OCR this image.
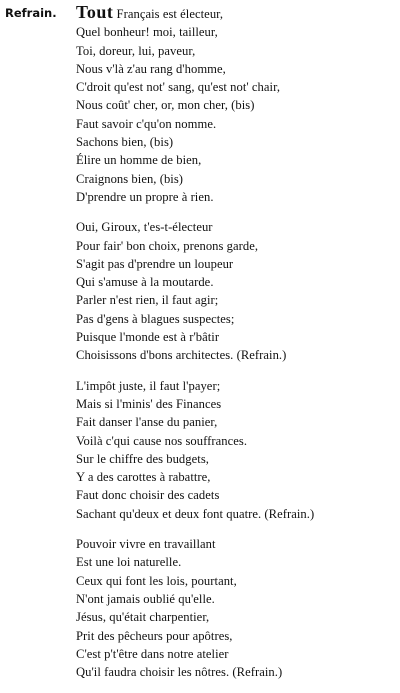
Refrain. Tout Français est électeur,
Quel bonheur! moi, tailleur,
Toi, doreur, lui, paveur,
Nous v'là z'au rang d'homme,
C'droit qu'est not' sang, qu'est not' chair,
Nous coût' cher, or, mon cher, (bis)
Faut savoir c'qu'on nomme.
Sachons bien, (bis)
Élire un homme de bien,
Craignons bien, (bis)
D'prendre un propre à rien.
Oui, Giroux, t'es-t-électeur
Pour fair' bon choix, prenons garde,
S'agit pas d'prendre un loupeur
Qui s'amuse à la moutarde.
Parler n'est rien, il faut agir;
Pas d'gens à blagues suspectes;
Puisque l'monde est à r'bâtir
Choisissons d'bons architectes. (Refrain.)
L'impôt juste, il faut l'payer;
Mais si l'minis' des Finances
Fait danser l'anse du panier,
Voilà c'qui cause nos souffrances.
Sur le chiffre des budgets,
Y a des carottes à rabattre,
Faut donc choisir des cadets
Sachant qu'deux et deux font quatre. (Refrain.)
Pouvoir vivre en travaillant
Est une loi naturelle.
Ceux qui font les lois, pourtant,
N'ont jamais oublié qu'elle.
Jésus, qu'était charpentier,
Prit des pêcheurs pour apôtres,
C'est p't'être dans notre atelier
Qu'il faudra choisir les nôtres. (Refrain.)
